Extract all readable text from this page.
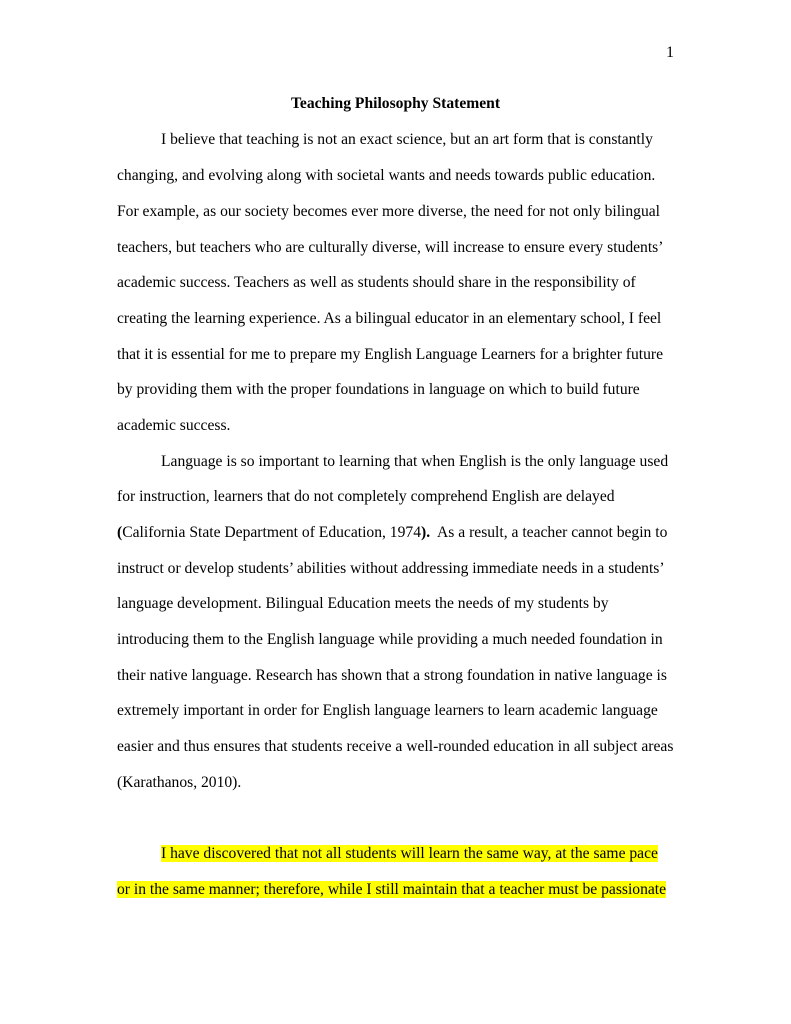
1
Teaching Philosophy Statement
I believe that teaching is not an exact science, but an art form that is constantly
changing, and evolving along with societal wants and needs towards public education.
For example, as our society becomes ever more diverse, the need for not only bilingual
teachers, but teachers who are culturally diverse, will increase to ensure every students’
academic success. Teachers as well as students should share in the responsibility of
creating the learning experience. As a bilingual educator in an elementary school, I feel
that it is essential for me to prepare my English Language Learners for a brighter future
by providing them with the proper foundations in language on which to build future
academic success.
Language is so important to learning that when English is the only language used
for instruction, learners that do not completely comprehend English are delayed
(California State Department of Education, 1974).  As a result, a teacher cannot begin to
instruct or develop students’ abilities without addressing immediate needs in a students’
language development. Bilingual Education meets the needs of my students by
introducing them to the English language while providing a much needed foundation in
their native language. Research has shown that a strong foundation in native language is
extremely important in order for English language learners to learn academic language
easier and thus ensures that students receive a well-rounded education in all subject areas
(Karathanos, 2010).
I have discovered that not all students will learn the same way, at the same pace
or in the same manner; therefore, while I still maintain that a teacher must be passionate
